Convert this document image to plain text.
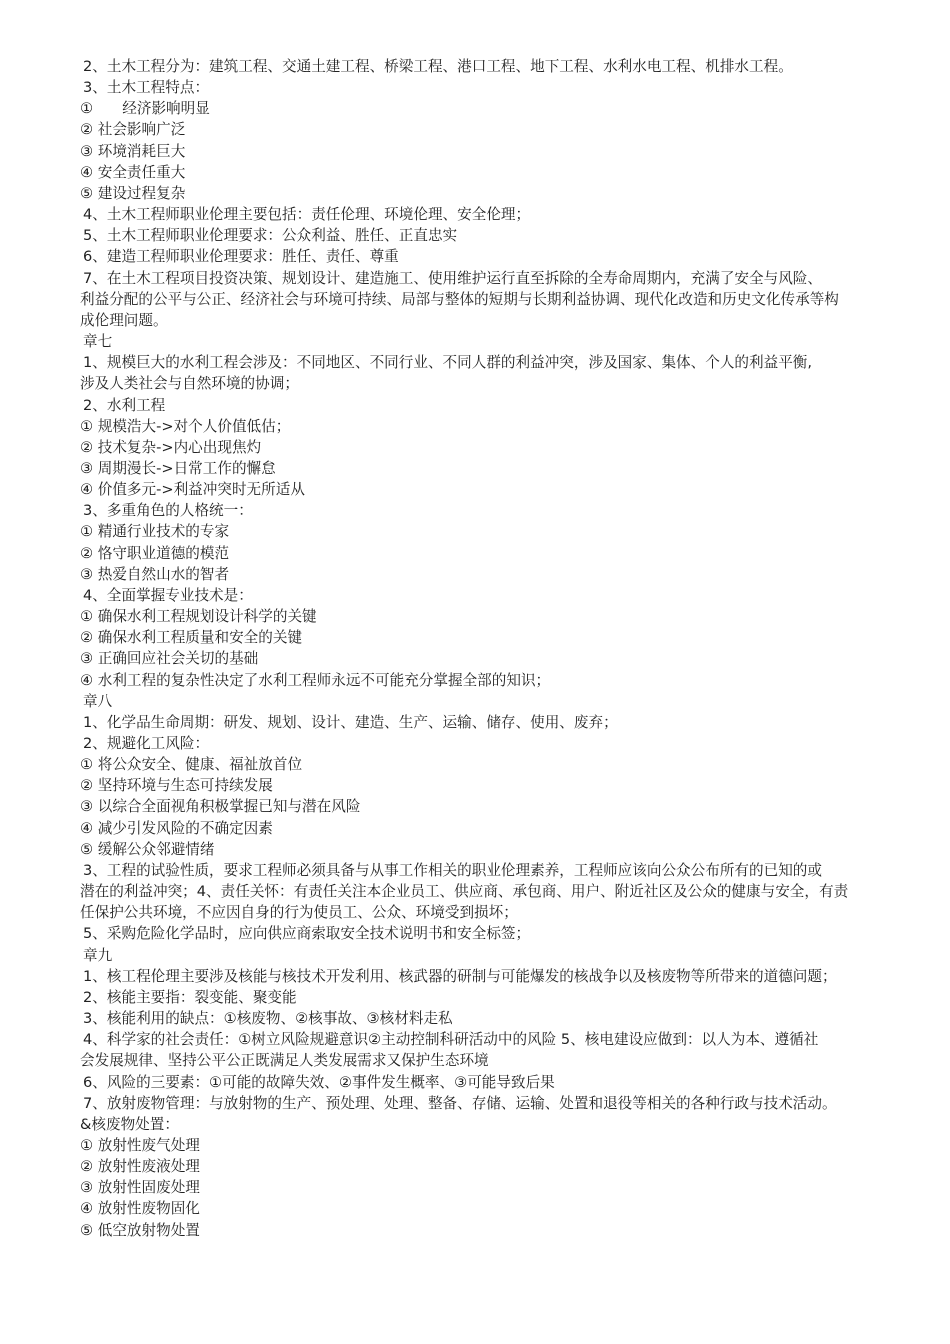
2、土木工程分为：建筑工程、交通土建工程、桥梁工程、港口工程、地下工程、水利水电工程、机排水工程。
3、土木工程特点：
①　　经济影响明显
② 社会影响广泛
③ 环境消耗巨大
④ 安全责任重大
⑤ 建设过程复杂
4、土木工程师职业伦理主要包括：责任伦理、环境伦理、安全伦理；
5、土木工程师职业伦理要求：公众利益、胜任、正直忠实
6、建造工程师职业伦理要求：胜任、责任、尊重
7、在土木工程项目投资决策、规划设计、建造施工、使用维护运行直至拆除的全寿命周期内，充满了安全与风险、
利益分配的公平与公正、经济社会与环境可持续、局部与整体的短期与长期利益协调、现代化改造和历史文化传承等构
成伦理问题。
章七
1、规模巨大的水利工程会涉及：不同地区、不同行业、不同人群的利益冲突，涉及国家、集体、个人的利益平衡,
涉及人类社会与自然环境的协调；
2、水利工程
① 规模浩大->对个人价值低估；
② 技术复杂->内心出现焦灼
③ 周期漫长->日常工作的懈怠
④ 价值多元->利益冲突时无所适从
3、多重角色的人格统一：
① 精通行业技术的专家
② 恪守职业道德的模范
③ 热爱自然山水的智者
4、全面掌握专业技术是：
① 确保水利工程规划设计科学的关键
② 确保水利工程质量和安全的关键
③ 正确回应社会关切的基础
④ 水利工程的复杂性决定了水利工程师永远不可能充分掌握全部的知识；
章八
1、化学品生命周期：研发、规划、设计、建造、生产、运输、储存、使用、废弃；
2、规避化工风险：
① 将公众安全、健康、福祉放首位
② 坚持环境与生态可持续发展
③ 以综合全面视角积极掌握已知与潜在风险
④ 减少引发风险的不确定因素
⑤ 缓解公众邻避情绪
3、工程的试验性质，要求工程师必须具备与从事工作相关的职业伦理素养，工程师应该向公众公布所有的已知的或
潜在的利益冲突；4、责任关怀：有责任关注本企业员工、供应商、承包商、用户、附近社区及公众的健康与安全，有责
任保护公共环境，不应因自身的行为使员工、公众、环境受到损坏；
5、采购危险化学品时，应向供应商索取安全技术说明书和安全标签；
章九
1、核工程伦理主要涉及核能与核技术开发利用、核武器的研制与可能爆发的核战争以及核废物等所带来的道德问题；
2、核能主要指：裂变能、聚变能
3、核能利用的缺点：①核废物、②核事故、③核材料走私
4、科学家的社会责任：①树立风险规避意识②主动控制科研活动中的风险 5、核电建设应做到：以人为本、遵循社
会发展规律、坚持公平公正既满足人类发展需求又保护生态环境
6、风险的三要素：①可能的故障失效、②事件发生概率、③可能导致后果
7、放射废物管理：与放射物的生产、预处理、处理、整备、存储、运输、处置和退役等相关的各种行政与技术活动。
&核废物处置：
① 放射性废气处理
② 放射性废液处理
③ 放射性固废处理
④ 放射性废物固化
⑤ 低空放射物处置
